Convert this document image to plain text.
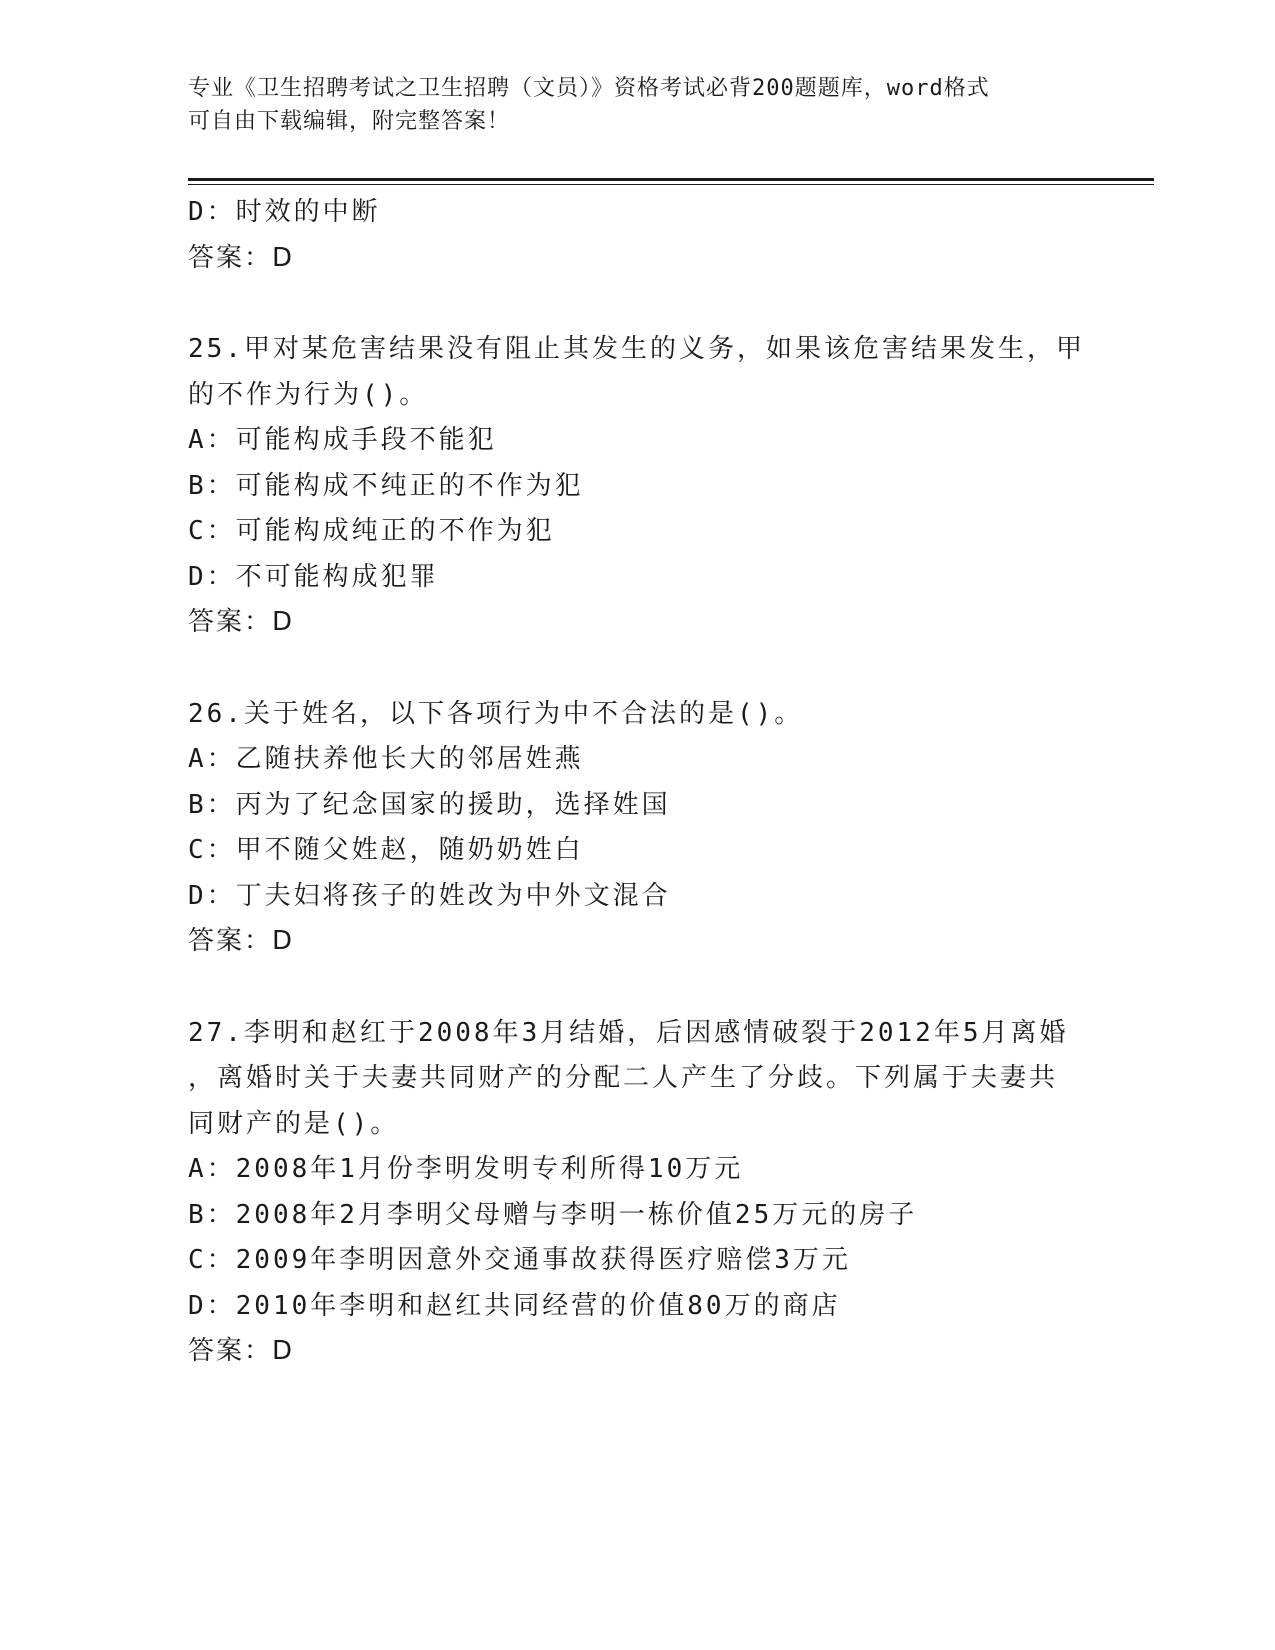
专业《卫生招聘考试之卫生招聘（文员）》资格考试必背200题题库，word格式
可自由下载编辑，附完整答案！
D：时效的中断
答案：D
25.甲对某危害结果没有阻止其发生的义务，如果该危害结果发生，甲
的不作为行为()。
A：可能构成手段不能犯
B：可能构成不纯正的不作为犯
C：可能构成纯正的不作为犯
D：不可能构成犯罪
答案：D
26.关于姓名，以下各项行为中不合法的是()。
A：乙随扶养他长大的邻居姓燕
B：丙为了纪念国家的援助，选择姓国
C：甲不随父姓赵，随奶奶姓白
D：丁夫妇将孩子的姓改为中外文混合
答案：D
27.李明和赵红于2008年3月结婚，后因感情破裂于2012年5月离婚
，离婚时关于夫妻共同财产的分配二人产生了分歧。下列属于夫妻共
同财产的是()。
A：2008年1月份李明发明专利所得10万元
B：2008年2月李明父母赠与李明一栋价值25万元的房子
C：2009年李明因意外交通事故获得医疗赔偿3万元
D：2010年李明和赵红共同经营的价值80万的商店
答案：D
